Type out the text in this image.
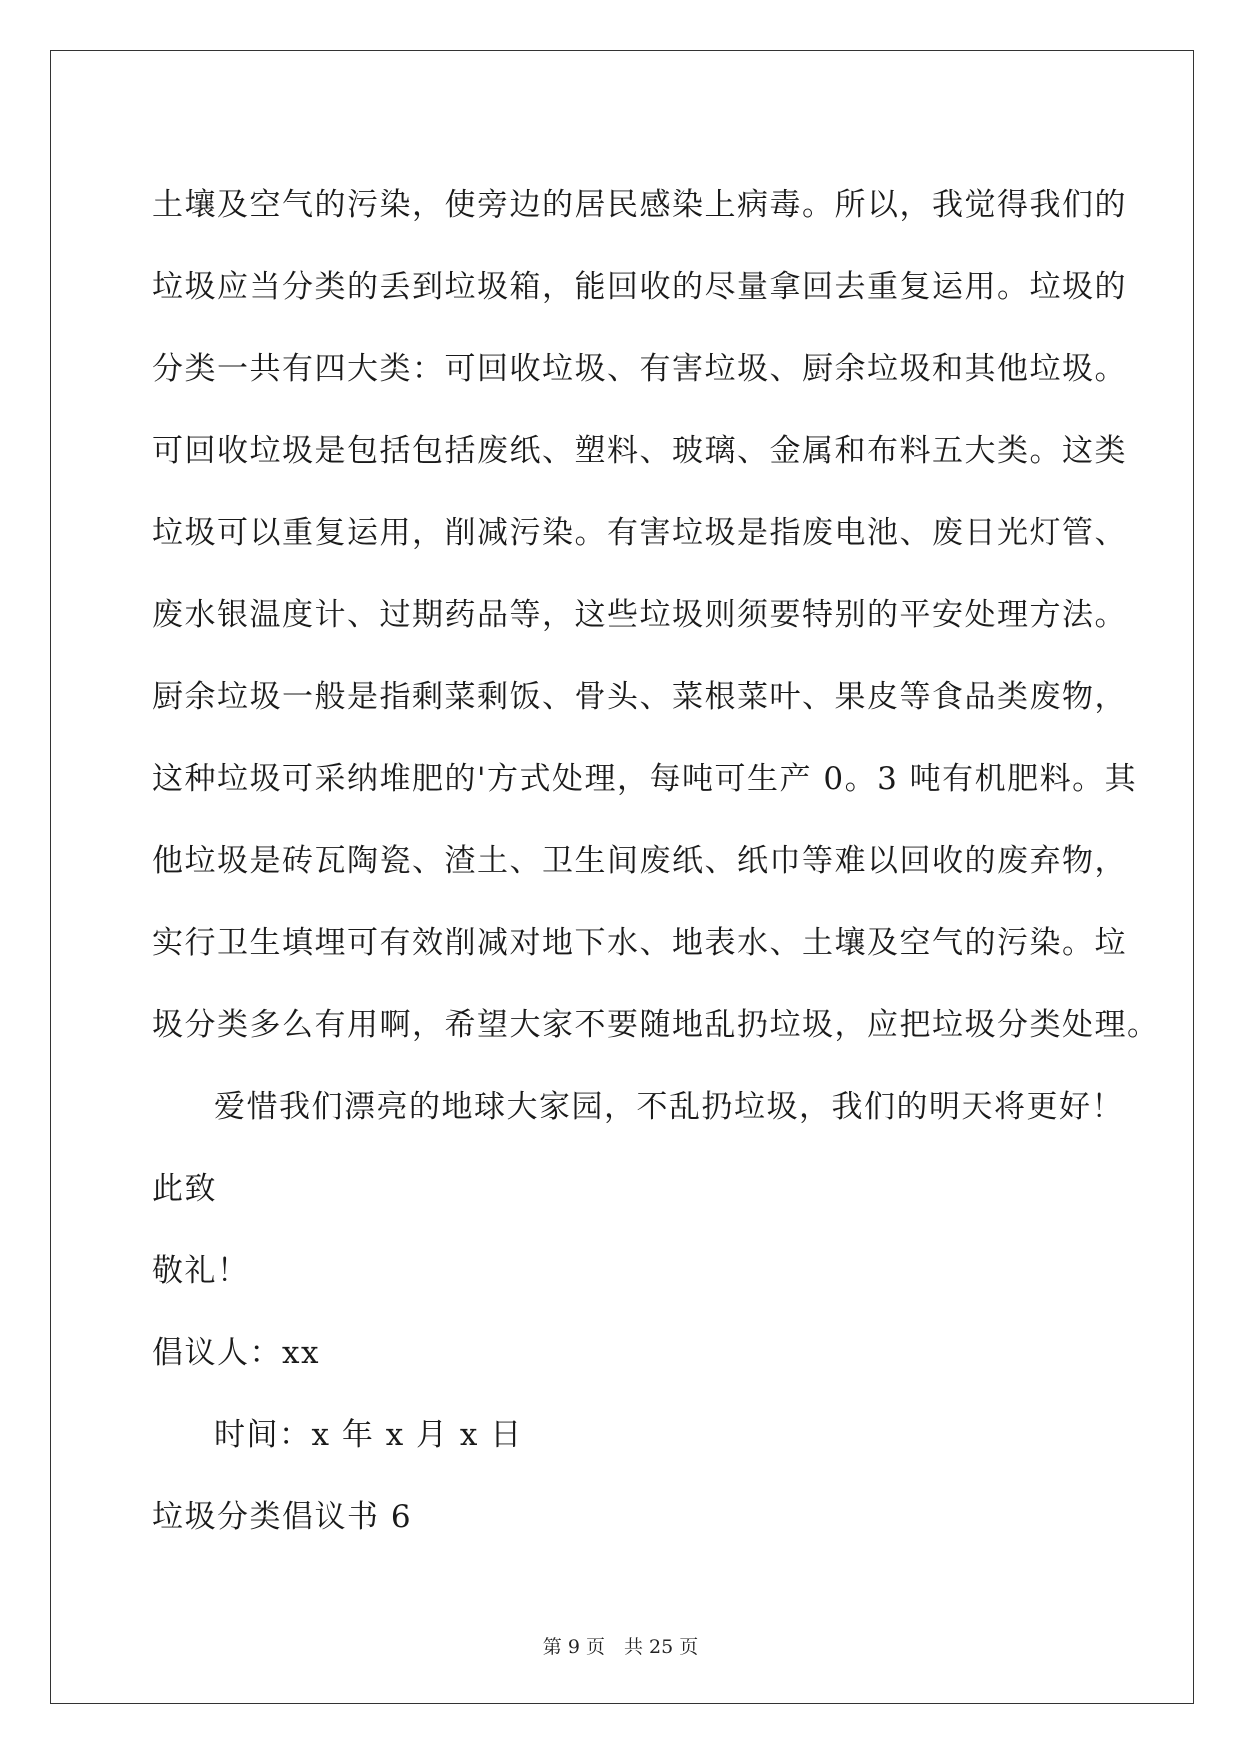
土壤及空气的污染，使旁边的居民感染上病毒。所以，我觉得我们的
垃圾应当分类的丢到垃圾箱，能回收的尽量拿回去重复运用。垃圾的
分类一共有四大类：可回收垃圾、有害垃圾、厨余垃圾和其他垃圾。
可回收垃圾是包括包括废纸、塑料、玻璃、金属和布料五大类。这类
垃圾可以重复运用，削减污染。有害垃圾是指废电池、废日光灯管、
废水银温度计、过期药品等，这些垃圾则须要特别的平安处理方法。
厨余垃圾一般是指剩菜剩饭、骨头、菜根菜叶、果皮等食品类废物，
这种垃圾可采纳堆肥的'方式处理，每吨可生产 0。3 吨有机肥料。其
他垃圾是砖瓦陶瓷、渣土、卫生间废纸、纸巾等难以回收的废弃物，
实行卫生填埋可有效削减对地下水、地表水、土壤及空气的污染。垃
圾分类多么有用啊，希望大家不要随地乱扔垃圾，应把垃圾分类处理。
爱惜我们漂亮的地球大家园，不乱扔垃圾，我们的明天将更好！
此致
敬礼！
倡议人：xx
时间：x 年 x 月 x 日
垃圾分类倡议书 6
第 9 页　共 25 页
